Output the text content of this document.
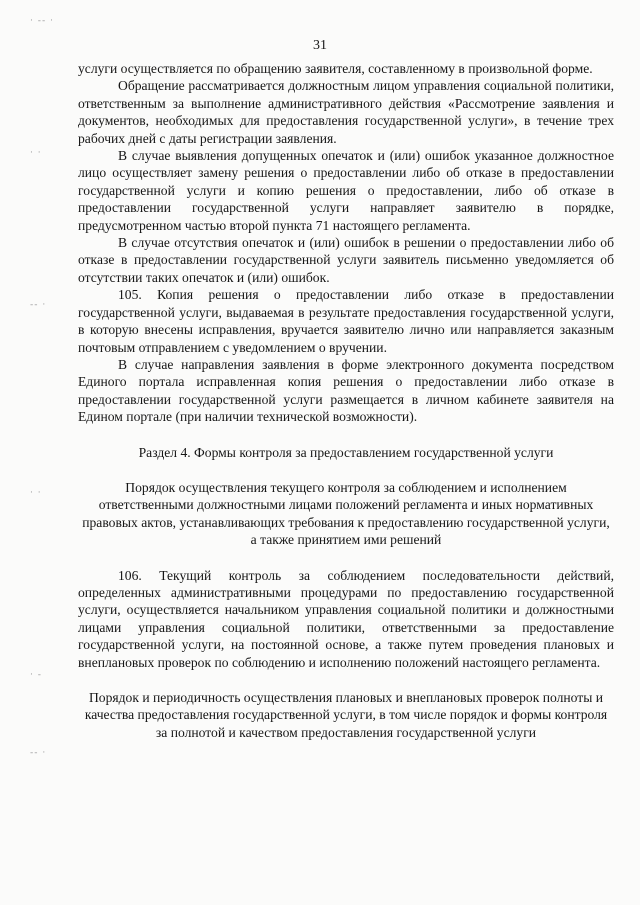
· -- ·
· ·
-- ·
· ·
· -
-- ·
31

услуги осуществляется по обращению заявителя, составленному в произвольной форме.

Обращение рассматривается должностным лицом управления социальной политики, ответственным за выполнение административного действия «Рассмотрение заявления и документов, необходимых для предоставления государственной услуги», в течение трех рабочих дней с даты регистрации заявления.

В случае выявления допущенных опечаток и (или) ошибок указанное должностное лицо осуществляет замену решения о предоставлении либо об отказе в предоставлении государственной услуги и копию решения о предоставлении, либо об отказе в предоставлении государственной услуги направляет заявителю в порядке, предусмотренном частью второй пункта 71 настоящего регламента.

В случае отсутствия опечаток и (или) ошибок в решении о предоставлении либо об отказе в предоставлении государственной услуги заявитель письменно уведомляется об отсутствии таких опечаток и (или) ошибок.

105. Копия решения о предоставлении либо отказе в предоставлении государственной услуги, выдаваемая в результате предоставления государственной услуги, в которую внесены исправления, вручается заявителю лично или направляется заказным почтовым отправлением с уведомлением о вручении.

В случае направления заявления в форме электронного документа посредством Единого портала исправленная копия решения о предоставлении либо отказе в предоставлении государственной услуги размещается в личном кабинете заявителя на Едином портале (при наличии технической возможности).

Раздел 4. Формы контроля за предоставлением государственной услуги

Порядок осуществления текущего контроля за соблюдением и исполнением ответственными должностными лицами положений регламента и иных нормативных правовых актов, устанавливающих требования к предоставлению государственной услуги, а также принятием ими решений

106. Текущий контроль за соблюдением последовательности действий, определенных административными процедурами по предоставлению государственной услуги, осуществляется начальником управления социальной политики и должностными лицами управления социальной политики, ответственными за предоставление государственной услуги, на постоянной основе, а также путем проведения плановых и внеплановых проверок по соблюдению и исполнению положений настоящего регламента.

Порядок и периодичность осуществления плановых и внеплановых проверок полноты и качества предоставления государственной услуги, в том числе порядок и формы контроля за полнотой и качеством предоставления государственной услуги
